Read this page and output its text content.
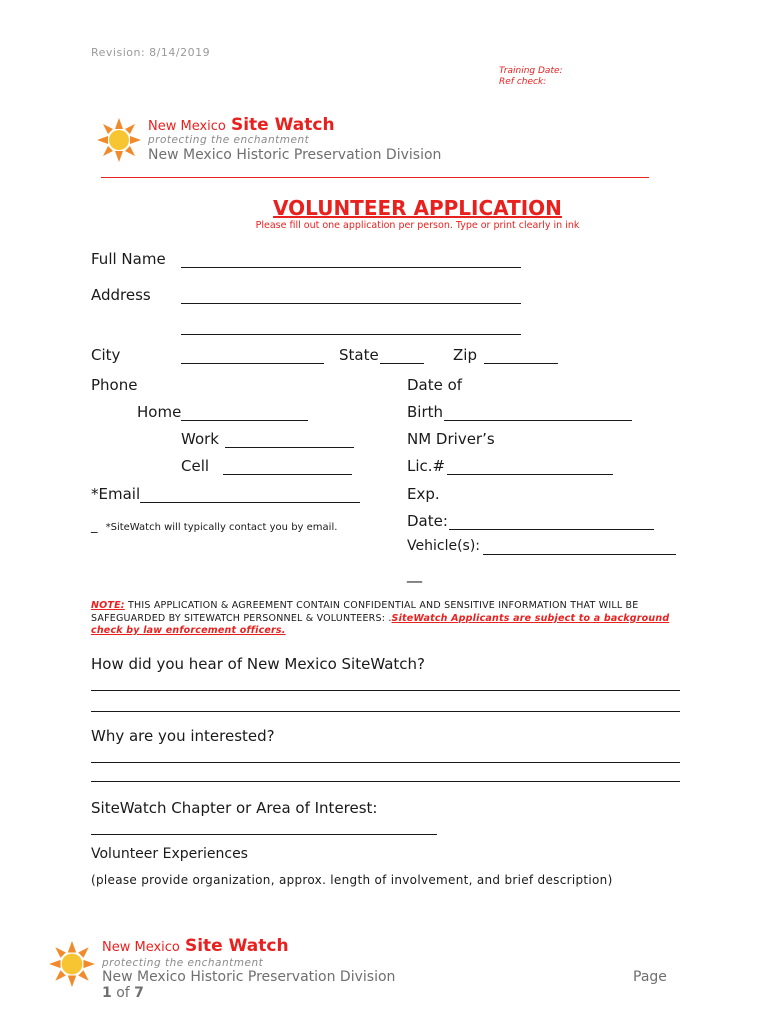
Revision: 8/14/2019
Training Date:
Ref check:
New Mexico Site Watch
protecting the enchantment
New Mexico Historic Preservation Division
VOLUNTEER APPLICATION
Please fill out one application per person. Type or print clearly in ink
Full Name
Address
City	State	Zip
Phone
Home
Work
Cell
*Email
_ *SiteWatch will typically contact you by email.
Date of
Birth
NM Driver’s
Lic.#
Exp.
Date:
Vehicle(s):
__
NOTE: THIS APPLICATION & AGREEMENT CONTAIN CONFIDENTIAL AND SENSITIVE INFORMATION THAT WILL BE SAFEGUARDED BY SITEWATCH PERSONNEL & VOLUNTEERS: .SiteWatch Applicants are subject to a background check by law enforcement officers.
How did you hear of New Mexico SiteWatch?
Why are you interested?
SiteWatch Chapter or Area of Interest:
Volunteer Experiences
(please provide organization, approx. length of involvement, and brief description)
New Mexico Site Watch
protecting the enchantment
New Mexico Historic Preservation Division
1 of 7
Page
